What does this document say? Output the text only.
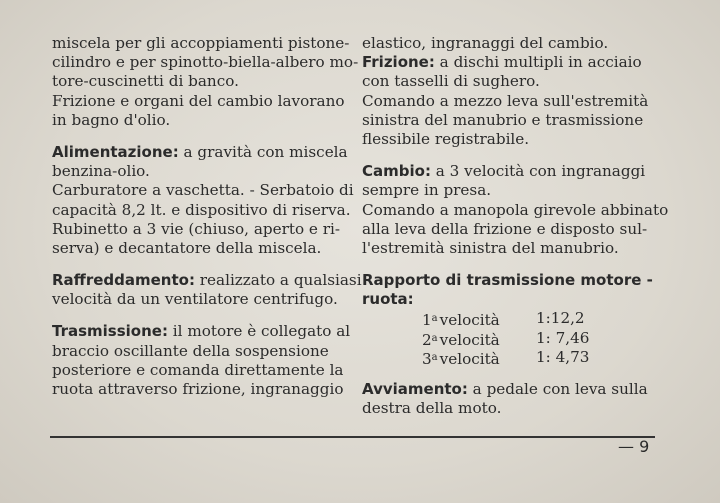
miscela per gli accoppiamenti pistone-
cilindro e per spinotto-biella-albero mo-
tore-cuscinetti di banco.
Frizione e organi del cambio lavorano
in bagno d'olio.
Alimentazione: a gravità con miscela
benzina-olio.
Carburatore a vaschetta. - Serbatoio di
capacità 8,2 lt. e dispositivo di riserva.
Rubinetto a 3 vie (chiuso, aperto e ri-
serva) e decantatore della miscela.
Raffreddamento: realizzato a qualsiasi
velocità da un ventilatore centrifugo.
Trasmissione: il motore è collegato al
braccio oscillante della sospensione
posteriore e comanda direttamente la
ruota attraverso frizione, ingranaggio
elastico, ingranaggi del cambio.
Frizione: a dischi multipli in acciaio
con tasselli di sughero.
Comando a mezzo leva sull'estremità
sinistra del manubrio e trasmissione
flessibile registrabile.
Cambio: a 3 velocità con ingranaggi
sempre in presa.
Comando a manopola girevole abbinato
alla leva della frizione e disposto sul-
l'estremità sinistra del manubrio.
Rapporto di trasmissione motore -
ruota:
1$^a$ velocità 1:12,2
2$^a$ velocità 1: 7,46
3$^a$ velocità 1: 4,73
Avviamento: a pedale con leva sulla
destra della moto.
— 9
